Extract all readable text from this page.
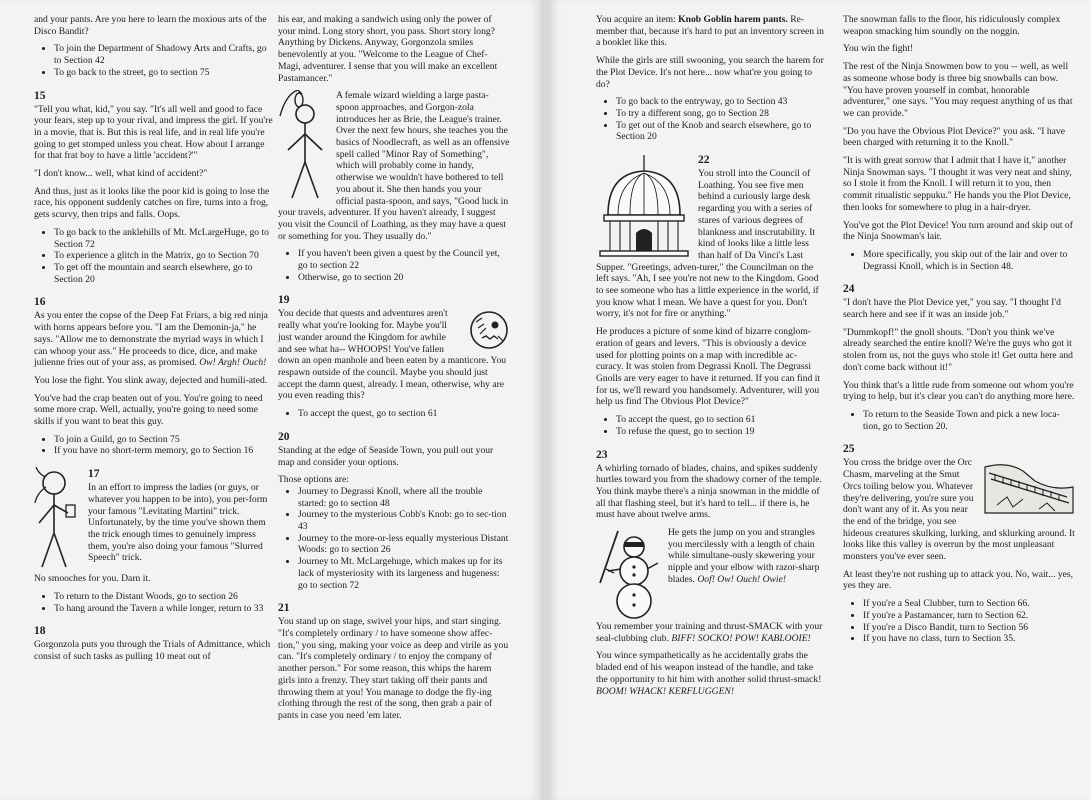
and your pants. Are you here to learn the moxious arts of the Disco Bandit?

• To join the Department of Shadowy Arts and Crafts, go to Section 42
• To go back to the street, go to section 75
15

"Tell you what, kid," you say. "It's all well and good to face your fears, step up to your rival, and impress the girl. If you're in a movie, that is. But this is real life, and in real life you're going to get stomped unless you cheat. How about I arrange for that frat boy to have a little 'accident?'"

"I don't know... well, what kind of accident?"

And thus, just as it looks like the poor kid is going to lose the race, his opponent suddenly catches on fire, turns into a frog, gets scurvy, then trips and falls. Oops.

• To go back to the anklehills of Mt. McLargeHuge, go to Section 72
• To experience a glitch in the Matrix, go to Section 70
• To get off the mountain and search elsewhere, go to Section 20
16

As you enter the copse of the Deep Fat Friars, a big red ninja with horns appears before you. "I am the Demonin-ja," he says. "Allow me to demonstrate the myriad ways in which I can whoop your ass." He proceeds to dice, dice, and make julienne fries out of your ass, as promised. Ow! Argh! Ouch!

You lose the fight. You slink away, dejected and humili-ated.

You've had the crap beaten out of you. You're going to need some more crap. Well, actually, you're going to need some skills if you want to beat this guy.

• To join a Guild, go to Section 75
• If you have no short-term memory, go to Section 16
17

In an effort to impress the ladies (or guys, or whatever you happen to be into), you per-form your famous "Levitating Martini" trick. Unfortunately, by the time you've shown them the trick enough times to genuinely impress them, you're also doing your famous "Slurred Speech" trick.

No smooches for you. Darn it.

• To return to the Distant Woods, go to section 26
• To hang around the Tavern a while longer, return to 33
18

Gorgonzola puts you through the Trials of Admittance, which consist of such tasks as pulling 10 meat out of

his ear, and making a sandwich using only the power of your mind. Long story short, you pass. Short story long? Anything by Dickens. Anyway, Gorgonzola smiles benevolently at you. "Welcome to the League of Chef-Magi, adventurer. I sense that you will make an excellent Pastamancer."

A female wizard wielding a large pasta-spoon approaches, and Gorgon-zola introduces her as Brie, the League's trainer. Over the next few hours, she teaches you the basics of Noodlecraft, as well as an offensive spell called "Minor Ray of Something", which will probably come in handy, otherwise we wouldn't have bothered to tell you about it. She then hands you your official pasta-spoon, and says, "Good luck in your travels, adventurer. If you haven't already, I suggest you visit the Council of Loathing, as they may have a quest or something for you. They usually do."

• If you haven't been given a quest by the Council yet, go to section 22
• Otherwise, go to section 20
19

You decide that quests and adventures aren't really what you're looking for. Maybe you'll just wander around the Kingdom for awhile and see what ha-- WHOOPS! You've fallen down an open manhole and been eaten by a manticore. You respawn outside of the council. Maybe you should just accept the damn quest, already. I mean, otherwise, why are you even reading this?

• To accept the quest, go to section 61
20

Standing at the edge of Seaside Town, you pull out your map and consider your options.

Those options are:

• Journey to Degrassi Knoll, where all the trouble started: go to section 48
• Journey to the mysterious Cobb's Knob: go to sec-tion 43
• Journey to the more-or-less equally mysterious Distant Woods: go to section 26
• Journey to Mt. McLargehuge, which makes up for its lack of mysteriosity with its largeness and hugeness: go to section 72
21

You stand up on stage, swivel your hips, and start singing. "It's completely ordinary / to have someone show affec-tion," you sing, making your voice as deep and virile as you can. "It's completely ordinary / to enjoy the company of another person." For some reason, this whips the harem girls into a frenzy. They start taking off their pants and throwing them at you! You manage to dodge the fly-ing clothing through the rest of the song, then grab a pair of pants in case you need 'em later.

You acquire an item: Knob Goblin harem pants. Re-member that, because it's hard to put an inventory screen in a booklet like this.

While the girls are still swooning, you search the harem for the Plot Device. It's not here... now what're you going to do?

• To go back to the entryway, go to Section 43
• To try a different song, go to Section 28
• To get out of the Knob and search elsewhere, go to Section 20
22

You stroll into the Council of Loathing. You see five men behind a curiously large desk regarding you with a series of stares of various degrees of blankness and inscrutability. It kind of looks like a little less than half of Da Vinci's Last Supper. "Greetings, adven-turer," the Councilman on the left says. "Ah, I see you're not new to the Kingdom. Good to see someone who has a little experience in the world, if you know what I mean. We have a quest for you. Don't worry, it's not for fire or anything."

He produces a picture of some kind of bizarre conglom-eration of gears and levers. "This is obviously a device used for plotting points on a map with incredible ac-curacy. It was stolen from Degrassi Knoll. The Degrassi Gnolls are very eager to have it returned. If you can find it for us, we'll reward you handsomely. Adventurer, will you help us find The Obvious Plot Device?"

• To accept the quest, go to section 61
• To refuse the quest, go to section 19
23

A whirling tornado of blades, chains, and spikes suddenly hurtles toward you from the shadowy corner of the temple. You think maybe there's a ninja snowman in the middle of all that flashing steel, but it's hard to tell... if there is, he must have about twelve arms.

He gets the jump on you and strangles you mercilessly with a length of chain while simultane-ously skewering your nipple and your elbow with razor-sharp blades. Oof! Ow! Ouch! Owie!

You remember your training and thrust-SMACK with your seal-clubbing club. BIFF! SOCKO! POW! KABLOOIE!

You wince sympathetically as he accidentally grabs the bladed end of his weapon instead of the handle, and take the opportunity to hit him with another solid thrust-smack! BOOM! WHACK! KERFLUGGEN!

The snowman falls to the floor, his ridiculously complex weapon smacking him soundly on the noggin.

You win the fight!

The rest of the Ninja Snowmen bow to you -- well, as well as someone whose body is three big snowballs can bow. "You have proven yourself in combat, honorable adventurer," one says. "You may request anything of us that we can provide."

"Do you have the Obvious Plot Device?" you ask. "I have been charged with returning it to the Knoll."

"It is with great sorrow that I admit that I have it," another Ninja Snowman says. "I thought it was very neat and shiny, so I stole it from the Knoll. I will return it to you, then commit ritualistic seppuku." He hands you the Plot Device, then looks for somewhere to plug in a hair-dryer.

You've got the Plot Device! You turn around and skip out of the Ninja Snowman's lair.

• More specifically, you skip out of the lair and over to Degrassi Knoll, which is in Section 48.
24

"I don't have the Plot Device yet," you say. "I thought I'd search here and see if it was an inside job."

"Dummkopf!" the gnoll shouts. "Don't you think we've already searched the entire knoll? We're the guys who got it stolen from us, not the guys who stole it! Get outta here and don't come back without it!"

You think that's a little rude from someone out whom you're trying to help, but it's clear you can't do anything more here.

• To return to the Seaside Town and pick a new loca-tion, go to Section 20.
25

You cross the bridge over the Orc Chasm, marveling at the Smut Orcs toiling below you. Whatever they're delivering, you're sure you don't want any of it. As you near the end of the bridge, you see hideous creatures skulking, lurking, and sklurking around. It looks like this valley is overrun by the most unpleasant monsters you've ever seen.

At least they're not rushing up to attack you. No, wait... yes, yes they are.

• If you're a Seal Clubber, turn to Section 66.
• If you're a Pastamancer, turn to Section 62.
• If you're a Disco Bandit, turn to Section 56
• If you have no class, turn to Section 35.
